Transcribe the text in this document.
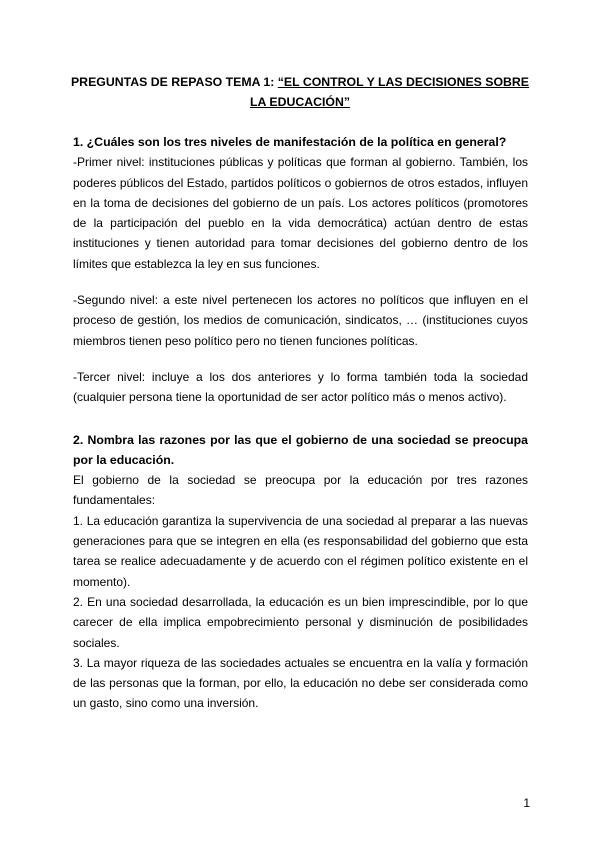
PREGUNTAS DE REPASO TEMA 1: “EL CONTROL Y LAS DECISIONES SOBRE LA EDUCACIÓN”

1. ¿Cuáles son los tres niveles de manifestación de la política en general?

-Primer nivel: instituciones públicas y políticas que forman al gobierno. También, los poderes públicos del Estado, partidos políticos o gobiernos de otros estados, influyen en la toma de decisiones del gobierno de un país. Los actores políticos (promotores de la participación del pueblo en la vida democrática) actúan dentro de estas instituciones y tienen autoridad para tomar decisiones del gobierno dentro de los límites que establezca la ley en sus funciones.

-Segundo nivel: a este nivel pertenecen los actores no políticos que influyen en el proceso de gestión, los medios de comunicación, sindicatos, … (instituciones cuyos miembros tienen peso político pero no tienen funciones políticas.

-Tercer nivel: incluye a los dos anteriores y lo forma también toda la sociedad (cualquier persona tiene la oportunidad de ser actor político más o menos activo).

2. Nombra las razones por las que el gobierno de una sociedad se preocupa por la educación.

El gobierno de la sociedad se preocupa por la educación por tres razones fundamentales:

1. La educación garantiza la supervivencia de una sociedad al preparar a las nuevas generaciones para que se integren en ella (es responsabilidad del gobierno que esta tarea se realice adecuadamente y de acuerdo con el régimen político existente en el momento).

2. En una sociedad desarrollada, la educación es un bien imprescindible, por lo que carecer de ella implica empobrecimiento personal y disminución de posibilidades sociales.

3. La mayor riqueza de las sociedades actuales se encuentra en la valía y formación de las personas que la forman, por ello, la educación no debe ser considerada como un gasto, sino como una inversión.

1
